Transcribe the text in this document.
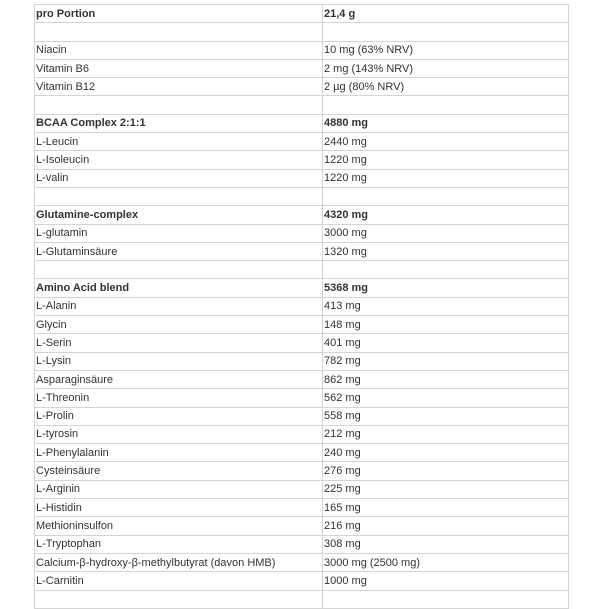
pro Portion	21,4 g

Niacin	10 mg (63% NRV)
Vitamin B6	2 mg (143% NRV)
Vitamin B12	2 µg (80% NRV)

BCAA Complex 2:1:1	4880 mg
L-Leucin	2440 mg
L-Isoleucin	1220 mg
L-valin	1220 mg

Glutamine-complex	4320 mg
L-glutamin	3000 mg
L-Glutaminsäure	1320 mg

Amino Acid blend	5368 mg
L-Alanin	413 mg
Glycin	148 mg
L-Serin	401 mg
L-Lysin	782 mg
Asparaginsäure	862 mg
L-Threonin	562 mg
L-Prolin	558 mg
L-tyrosin	212 mg
L-Phenylalanin	240 mg
Cysteinsäure	276 mg
L-Arginin	225 mg
L-Histidin	165 mg
Methioninsulfon	216 mg
L-Tryptophan	308 mg
Calcium-β-hydroxy-β-methylbutyrat (davon HMB)	3000 mg (2500 mg)
L-Carnitin	1000 mg
